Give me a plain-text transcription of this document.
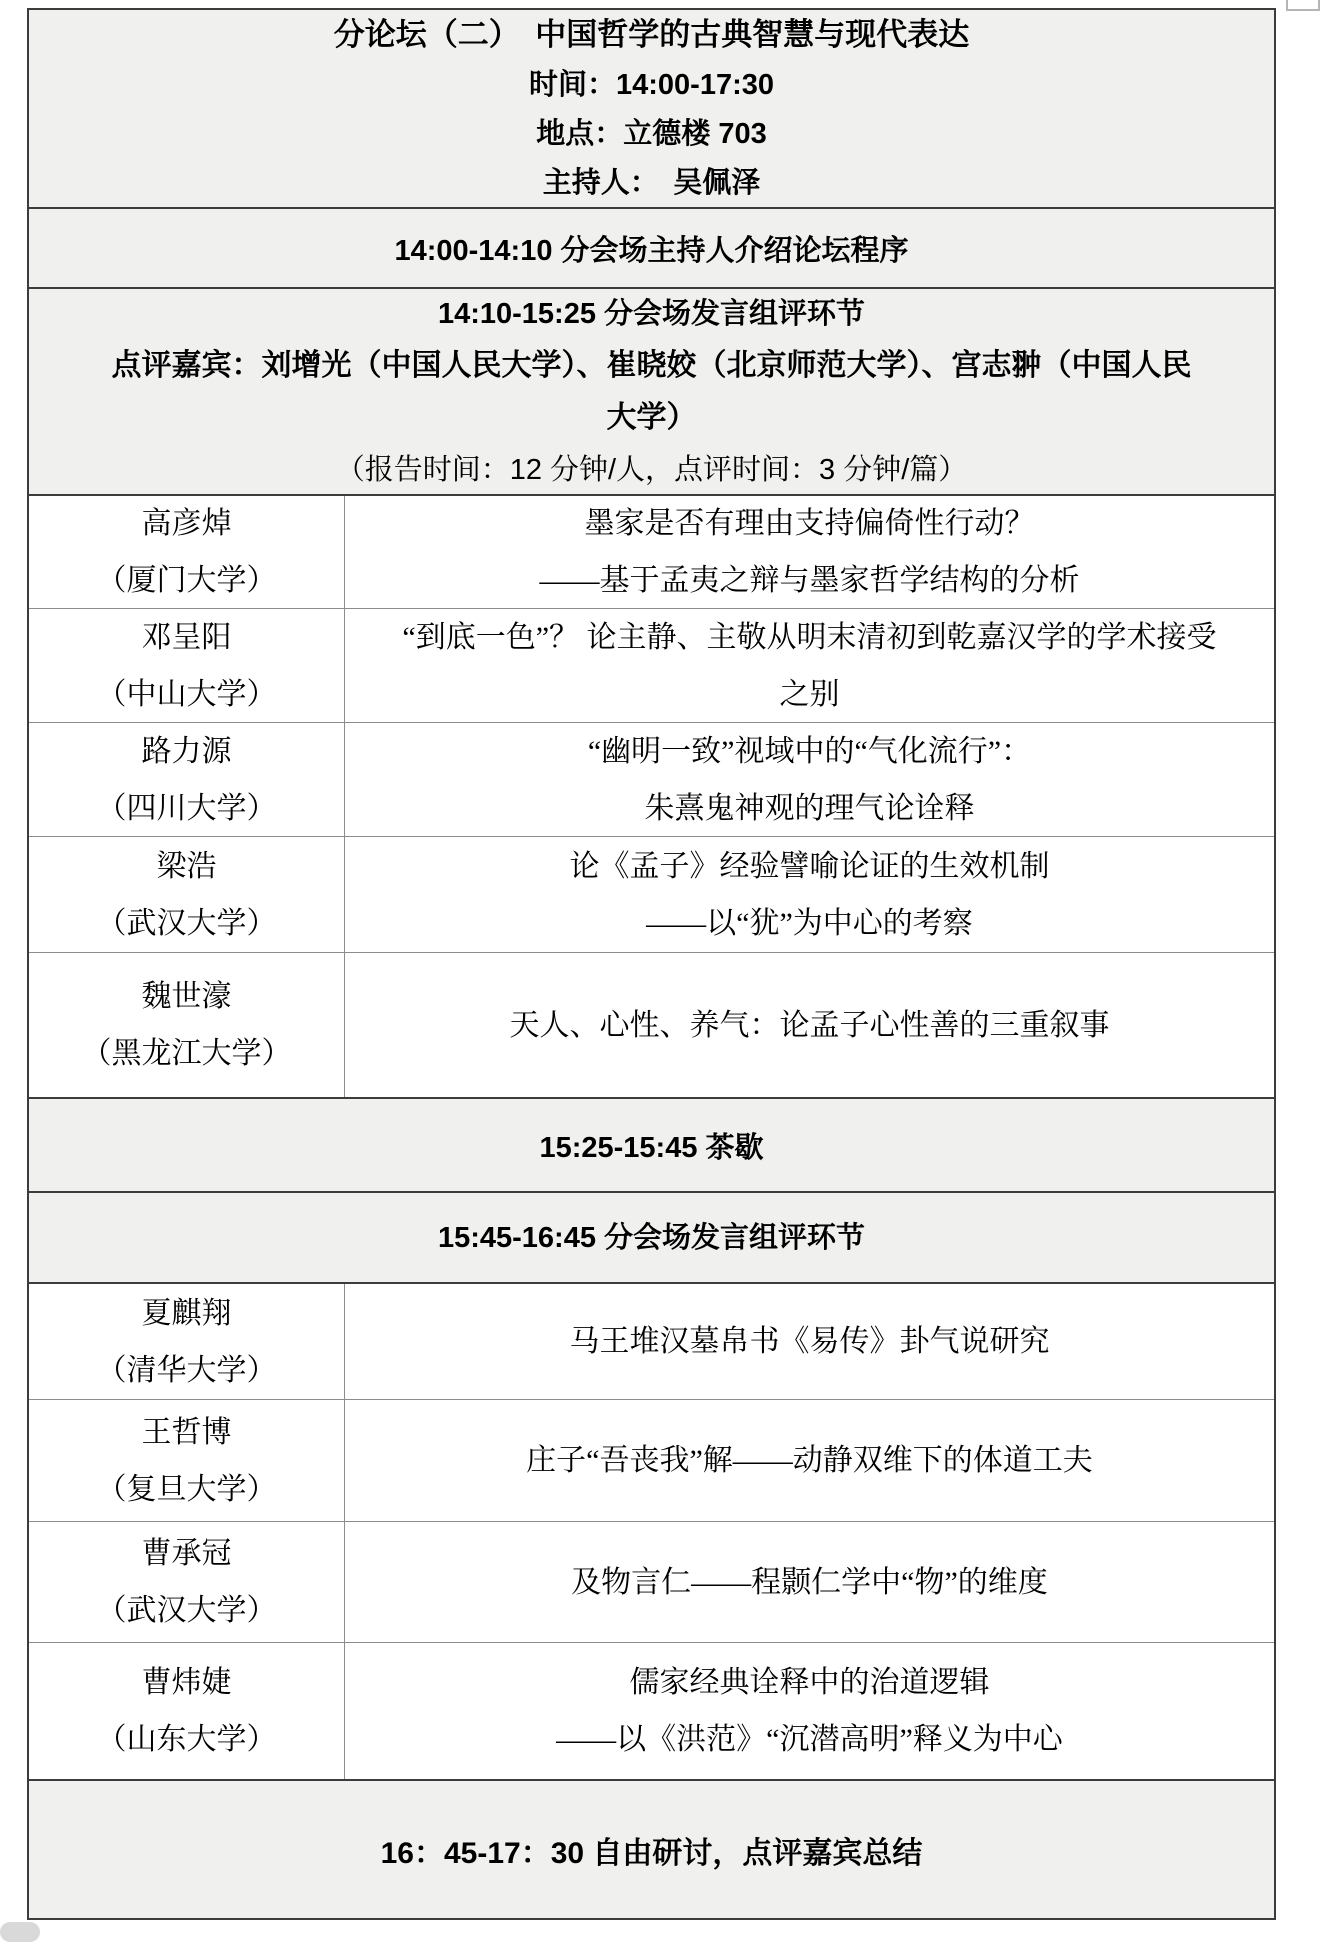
分论坛（二）　中国哲学的古典智慧与现代表达
时间：14:00-17:30
地点：立德楼 703
主持人：　吴佩泽
14:00-14:10 分会场主持人介绍论坛程序
14:10-15:25 分会场发言组评环节
点评嘉宾：刘增光（中国人民大学）、崔晓姣（北京师范大学）、宫志翀（中国人民
大学）
（报告时间：12 分钟/人，点评时间：3 分钟/篇）
高彦焯
（厦门大学）
墨家是否有理由支持偏倚性行动？
——基于孟夷之辩与墨家哲学结构的分析
邓呈阳
（中山大学）
“到底一色”？ 论主静、主敬从明末清初到乾嘉汉学的学术接受
之别
路力源
（四川大学）
“幽明一致”视域中的“气化流行”：
朱熹鬼神观的理气论诠释
梁浩
（武汉大学）
论《孟子》经验譬喻论证的生效机制
——以“犹”为中心的考察
魏世濠
（黑龙江大学）
天人、心性、养气：论孟子心性善的三重叙事
15:25-15:45 茶歇
15:45-16:45 分会场发言组评环节
夏麒翔
（清华大学）
马王堆汉墓帛书《易传》卦气说研究
王哲博
（复旦大学）
庄子“吾丧我”解——动静双维下的体道工夫
曹承冠
（武汉大学）
及物言仁——程颢仁学中“物”的维度
曹炜婕
（山东大学）
儒家经典诠释中的治道逻辑
——以《洪范》“沉潜高明”释义为中心
16：45-17：30 自由研讨，点评嘉宾总结
